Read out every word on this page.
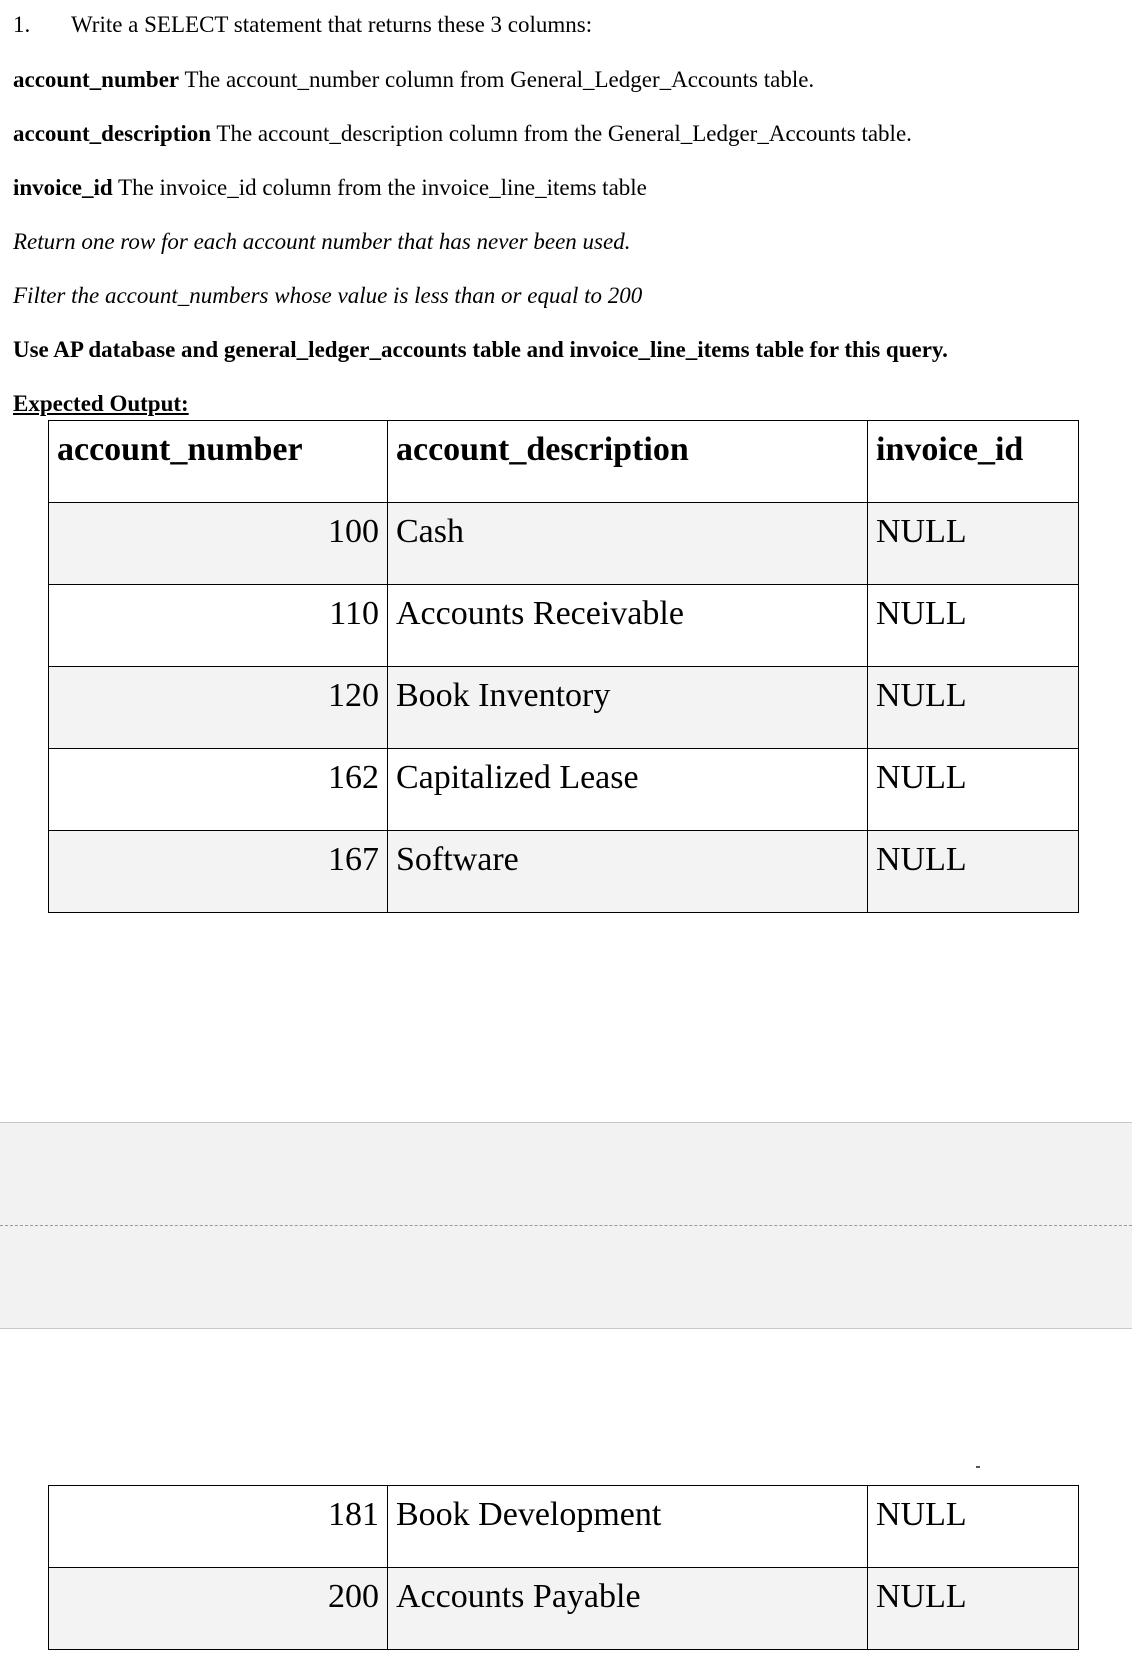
1. Write a SELECT statement that returns these 3 columns:
account_number The account_number column from General_Ledger_Accounts table.
account_description The account_description column from the General_Ledger_Accounts table.
invoice_id The invoice_id column from the invoice_line_items table
Return one row for each account number that has never been used.
Filter the account_numbers whose value is less than or equal to 200
Use AP database and general_ledger_accounts table and invoice_line_items table for this query.
Expected Output:
account_number	account_description	invoice_id
100	Cash	NULL
110	Accounts Receivable	NULL
120	Book Inventory	NULL
162	Capitalized Lease	NULL
167	Software	NULL
181	Book Development	NULL
200	Accounts Payable	NULL
